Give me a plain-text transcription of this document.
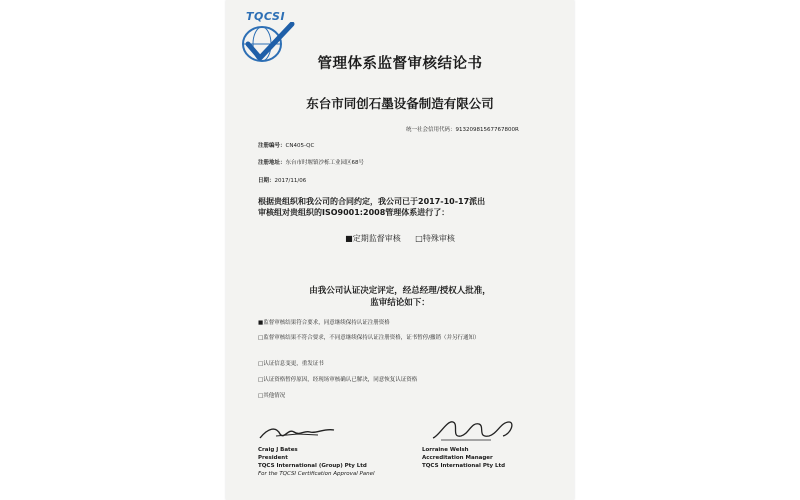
TQCSI
管理体系监督审核结论书
东台市同创石墨设备制造有限公司
统一社会信用代码：91320981567767800R
注册编号：CN405-QC
注册地址：东台市时堰镇沙栎工业园区68号
日期：2017/11/06
根据贵组织和我公司的合同约定，我公司已于2017-10-17派出
审核组对贵组织的ISO9001:2008管理体系进行了：
■定期监督审核 □特殊审核
由我公司认证决定评定，经总经理/授权人批准，
监审结论如下：
■监督审核结果符合要求，同意继续保持认证注册资格
□监督审核结果不符合要求，不同意继续保持认证注册资格，证书暂停/撤销（并另行通知）
□认证信息变更，重发证书
□认证资格暂停原因，经现场审核确认已解决，同意恢复认证资格
□其他情况
Craig J Bates
President
TQCS International (Group) Pty Ltd
For the TQCSI Certification Approval Panel
Lorraine Welsh
Accreditation Manager
TQCS International Pty Ltd
